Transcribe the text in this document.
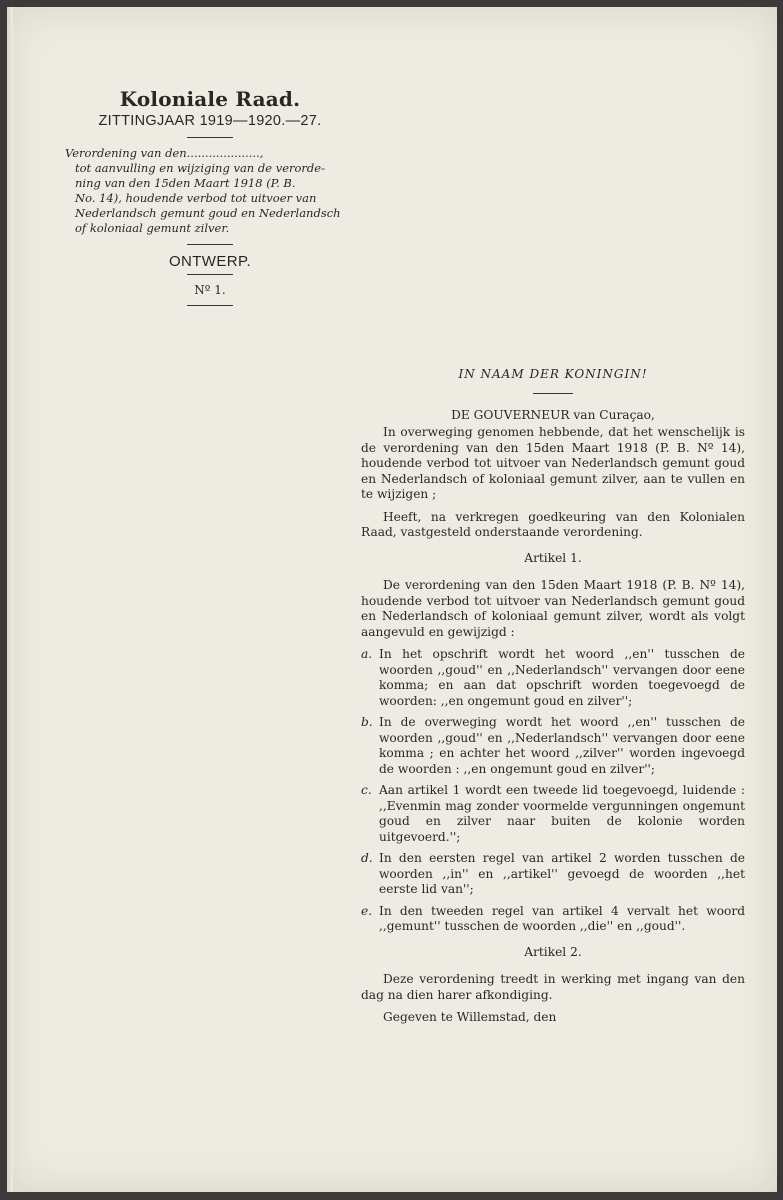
Koloniale Raad.
ZITTINGJAAR 1919—1920.—27.
Verordening van den....................,
tot aanvulling en wijziging van de verorde-
ning van den 15den Maart 1918 (P. B.
No. 14), houdende verbod tot uitvoer van
Nederlandsch gemunt goud en Nederlandsch
of koloniaal gemunt zilver.
ONTWERP.
Nº 1.
IN NAAM DER KONINGIN!
DE GOUVERNEUR van Curaçao,

In overweging genomen hebbende, dat het wenschelijk is de verordening van den 15den Maart 1918 (P. B. Nº 14), houdende verbod tot uitvoer van Nederlandsch gemunt goud en Nederlandsch of koloniaal gemunt zilver, aan te vullen en te wijzigen ;

Heeft, na verkregen goedkeuring van den Kolonialen Raad, vastgesteld onderstaande verordening.

Artikel 1.

De verordening van den 15den Maart 1918 (P. B. Nº 14), houdende verbod tot uitvoer van Nederlandsch gemunt goud en Nederlandsch of koloniaal gemunt zilver, wordt als volgt aangevuld en gewijzigd :

a. In het opschrift wordt het woord ,,en'' tusschen de woorden ,,goud'' en ,,Nederlandsch'' vervangen door eene komma; en aan dat opschrift worden toegevoegd de woorden: ,,en ongemunt goud en zilver'';
b. In de overweging wordt het woord ,,en'' tusschen de woorden ,,goud'' en ,,Nederlandsch'' vervangen door eene komma ; en achter het woord ,,zilver'' worden ingevoegd de woorden : ,,en ongemunt goud en zilver'';
c. Aan artikel 1 wordt een tweede lid toegevoegd, luidende : ,,Evenmin mag zonder voormelde vergunningen ongemunt goud en zilver naar buiten de kolonie worden uitgevoerd.'';
d. In den eersten regel van artikel 2 worden tusschen de woorden ,,in'' en ,,artikel'' gevoegd de woorden ,,het eerste lid van'';
e. In den tweeden regel van artikel 4 vervalt het woord ,,gemunt'' tusschen de woorden ,,die'' en ,,goud''.
Artikel 2.

Deze verordening treedt in werking met ingang van den dag na dien harer afkondiging.

Gegeven te Willemstad, den
